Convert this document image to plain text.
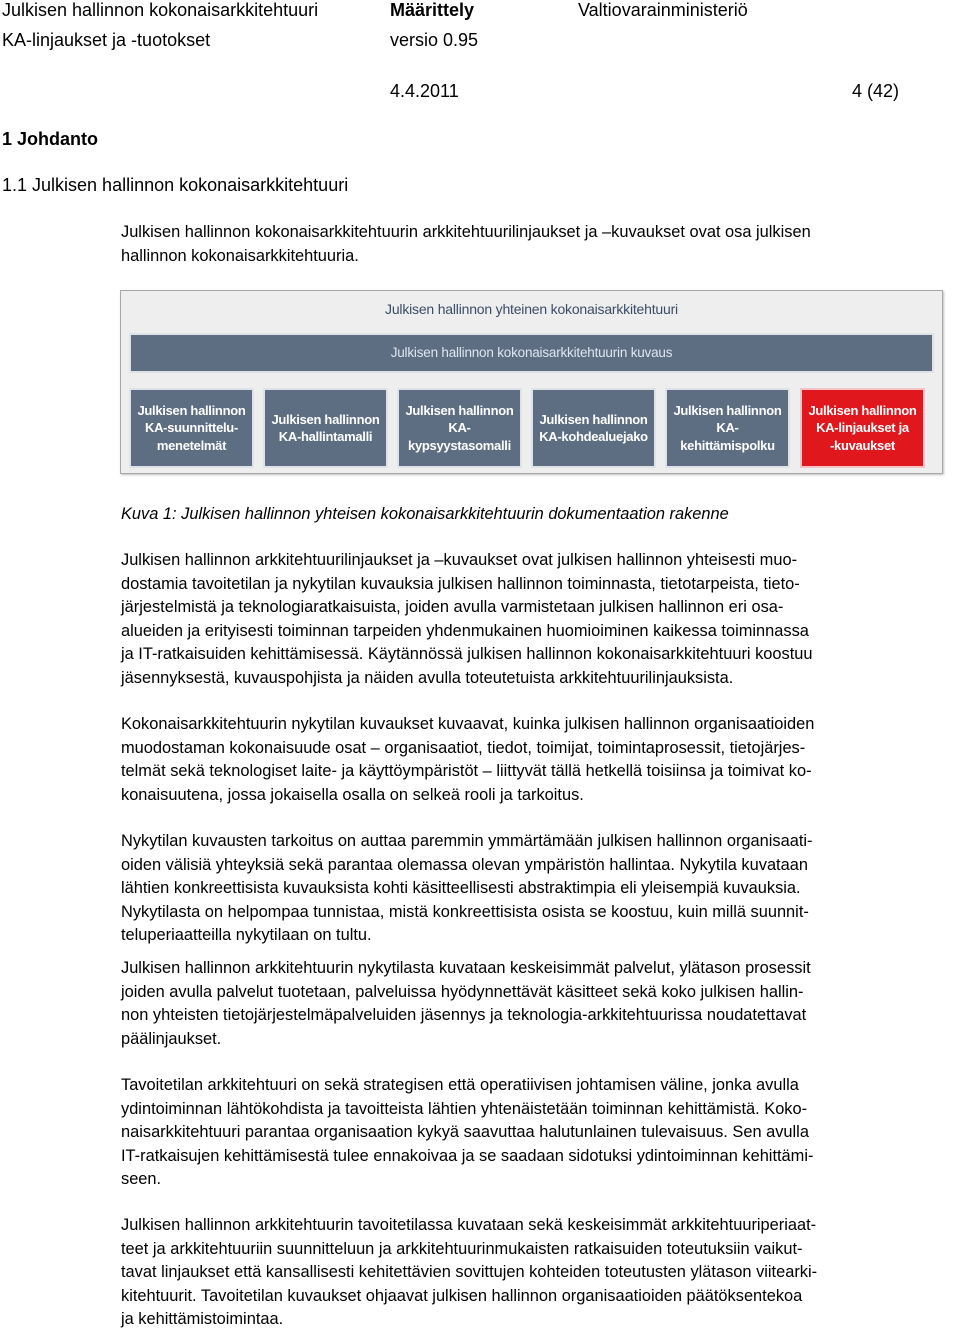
Julkisen hallinnon kokonaisarkkitehtuuri
KA-linjaukset ja -tuotokset
Määrittely
versio 0.95
Valtiovarainministeriö
4.4.2011	4 (42)
1 Johdanto
1.1 Julkisen hallinnon kokonaisarkkitehtuuri
Julkisen hallinnon kokonaisarkkitehtuurin arkkitehtuurilinjaukset ja –kuvaukset ovat osa julkisen
hallinnon kokonaisarkkitehtuuria.
Julkisen hallinnon yhteinen kokonaisarkkitehtuuri
Julkisen hallinnon kokonaisarkkitehtuurin kuvaus
Julkisen hallinnon
KA-suunnittelu-
menetelmät
Julkisen hallinnon
KA-hallintamalli
Julkisen hallinnon
KA-
kypsyystasomalli
Julkisen hallinnon
KA-kohdealuejako
Julkisen hallinnon
KA-
kehittämispolku
Julkisen hallinnon
KA-linjaukset ja
-kuvaukset
Kuva 1: Julkisen hallinnon yhteisen kokonaisarkkitehtuurin dokumentaation rakenne
Julkisen hallinnon arkkitehtuurilinjaukset ja –kuvaukset ovat julkisen hallinnon yhteisesti muo-
dostamia tavoitetilan ja nykytilan kuvauksia julkisen hallinnon toiminnasta, tietotarpeista, tieto-
järjestelmistä ja teknologiaratkaisuista, joiden avulla varmistetaan julkisen hallinnon eri osa-
alueiden ja erityisesti toiminnan tarpeiden yhdenmukainen huomioiminen kaikessa toiminnassa
ja IT-ratkaisuiden kehittämisessä. Käytännössä julkisen hallinnon kokonaisarkkitehtuuri koostuu
jäsennyksestä, kuvauspohjista ja näiden avulla toteutetuista arkkitehtuurilinjauksista.
Kokonaisarkkitehtuurin nykytilan kuvaukset kuvaavat, kuinka julkisen hallinnon organisaatioiden
muodostaman kokonaisuude osat – organisaatiot, tiedot, toimijat, toimintaprosessit, tietojärjes-
telmät sekä teknologiset laite- ja käyttöympäristöt – liittyvät tällä hetkellä toisiinsa ja toimivat ko-
konaisuutena, jossa jokaisella osalla on selkeä rooli ja tarkoitus.
Nykytilan kuvausten tarkoitus on auttaa paremmin ymmärtämään julkisen hallinnon organisaati-
oiden välisiä yhteyksiä sekä parantaa olemassa olevan ympäristön hallintaa. Nykytila kuvataan
lähtien konkreettisista kuvauksista kohti käsitteellisesti abstraktimpia eli yleisempiä kuvauksia.
Nykytilasta on helpompaa tunnistaa, mistä konkreettisista osista se koostuu, kuin millä suunnit-
teluperiaatteilla nykytilaan on tultu.
Julkisen hallinnon arkkitehtuurin nykytilasta kuvataan keskeisimmät palvelut, ylätason prosessit
joiden avulla palvelut tuotetaan, palveluissa hyödynnettävät käsitteet sekä koko julkisen hallin-
non yhteisten tietojärjestelmäpalveluiden jäsennys ja teknologia-arkkitehtuurissa noudatettavat
päälinjaukset.
Tavoitetilan arkkitehtuuri on sekä strategisen että operatiivisen johtamisen väline, jonka avulla
ydintoiminnan lähtökohdista ja tavoitteista lähtien yhtenäistetään toiminnan kehittämistä. Koko-
naisarkkitehtuuri parantaa organisaation kykyä saavuttaa halutunlainen tulevaisuus. Sen avulla
IT-ratkaisujen kehittämisestä tulee ennakoivaa ja se saadaan sidotuksi ydintoiminnan kehittämi-
seen.
Julkisen hallinnon arkkitehtuurin tavoitetilassa kuvataan sekä keskeisimmät arkkitehtuuriperiaat-
teet ja arkkitehtuuriin suunnitteluun ja arkkitehtuurinmukaisten ratkaisuiden toteutuksiin vaikut-
tavat linjaukset että kansallisesti kehitettävien sovittujen kohteiden toteutusten ylätason viitearki-
kitehtuurit. Tavoitetilan kuvaukset ohjaavat julkisen hallinnon organisaatioiden päätöksentekoa
ja kehittämistoimintaa.
